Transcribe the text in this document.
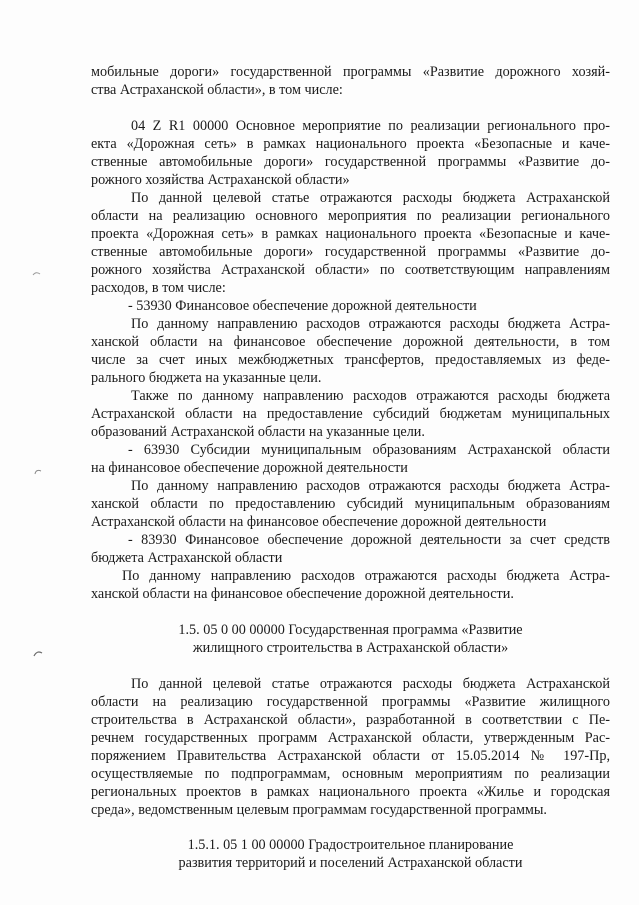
мобильные дороги» государственной программы «Развитие дорожного хозяй-
ства Астраханской области», в том числе:
04 Z R1 00000 Основное мероприятие по реализации регионального про-
екта «Дорожная сеть» в рамках национального проекта «Безопасные и каче-
ственные автомобильные дороги» государственной программы «Развитие до-
рожного хозяйства Астраханской области»
По данной целевой статье отражаются расходы бюджета Астраханской
области на реализацию основного мероприятия по реализации регионального
проекта «Дорожная сеть» в рамках национального проекта «Безопасные и каче-
ственные автомобильные дороги» государственной программы «Развитие до-
рожного хозяйства Астраханской области» по соответствующим направлениям
расходов, в том числе:
- 53930 Финансовое обеспечение дорожной деятельности
По данному направлению расходов отражаются расходы бюджета Астра-
ханской области на финансовое обеспечение дорожной деятельности, в том
числе за счет иных межбюджетных трансфертов, предоставляемых из феде-
рального бюджета на указанные цели.
Также по данному направлению расходов отражаются расходы бюджета
Астраханской области на предоставление субсидий бюджетам муниципальных
образований Астраханской области на указанные цели.
- 63930 Субсидии муниципальным образованиям Астраханской области
на финансовое обеспечение дорожной деятельности
По данному направлению расходов отражаются расходы бюджета Астра-
ханской области по предоставлению субсидий муниципальным образованиям
Астраханской области на финансовое обеспечение дорожной деятельности
- 83930 Финансовое обеспечение дорожной деятельности за счет средств
бюджета Астраханской области
По данному направлению расходов отражаются расходы бюджета Астра-
ханской области на финансовое обеспечение дорожной деятельности.
1.5. 05 0 00 00000 Государственная программа «Развитие
жилищного строительства в Астраханской области»
По данной целевой статье отражаются расходы бюджета Астраханской
области на реализацию государственной программы «Развитие жилищного
строительства в Астраханской области», разработанной в соответствии с Пе-
речнем государственных программ Астраханской области, утвержденным Рас-
поряжением Правительства Астраханской области от 15.05.2014 № 197-Пр,
осуществляемые по подпрограммам, основным мероприятиям по реализации
региональных проектов в рамках национального проекта «Жилье и городская
среда», ведомственным целевым программам государственной программы.
1.5.1. 05 1 00 00000 Градостроительное планирование
развития территорий и поселений Астраханской области
